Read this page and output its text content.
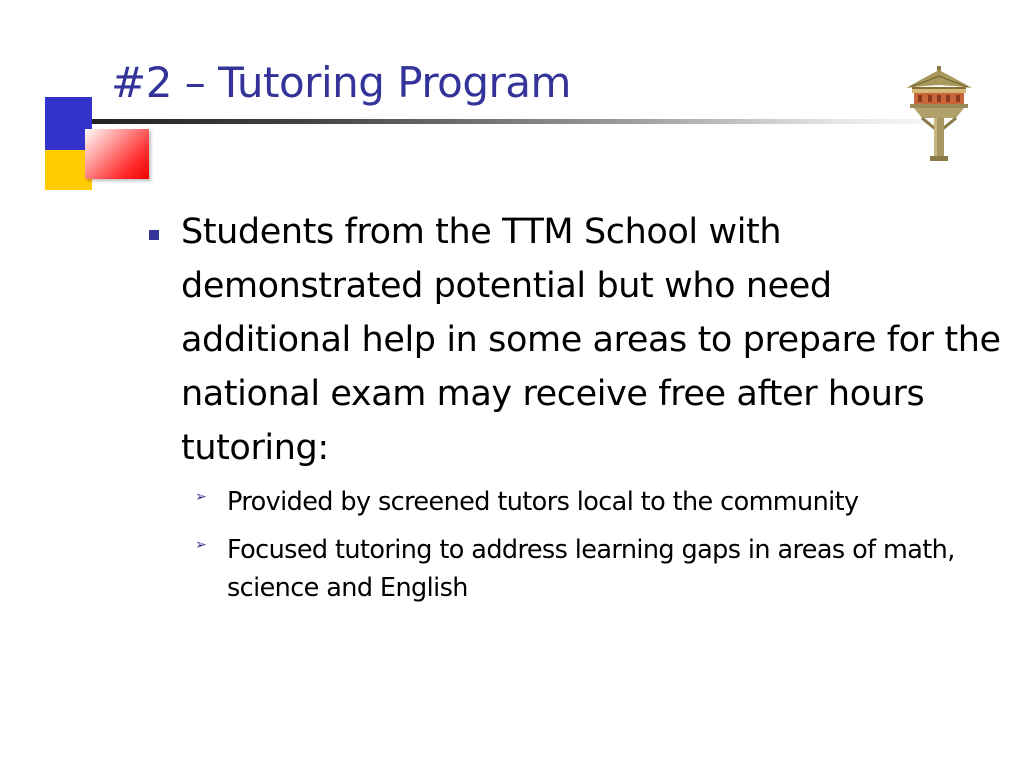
#2 – Tutoring Program
Students from the TTM School with demonstrated potential but who need additional help in some areas to prepare for the national exam may receive free after hours tutoring:
➢ Provided by screened tutors local to the community
➢ Focused tutoring to address learning gaps in areas of math, science and English
